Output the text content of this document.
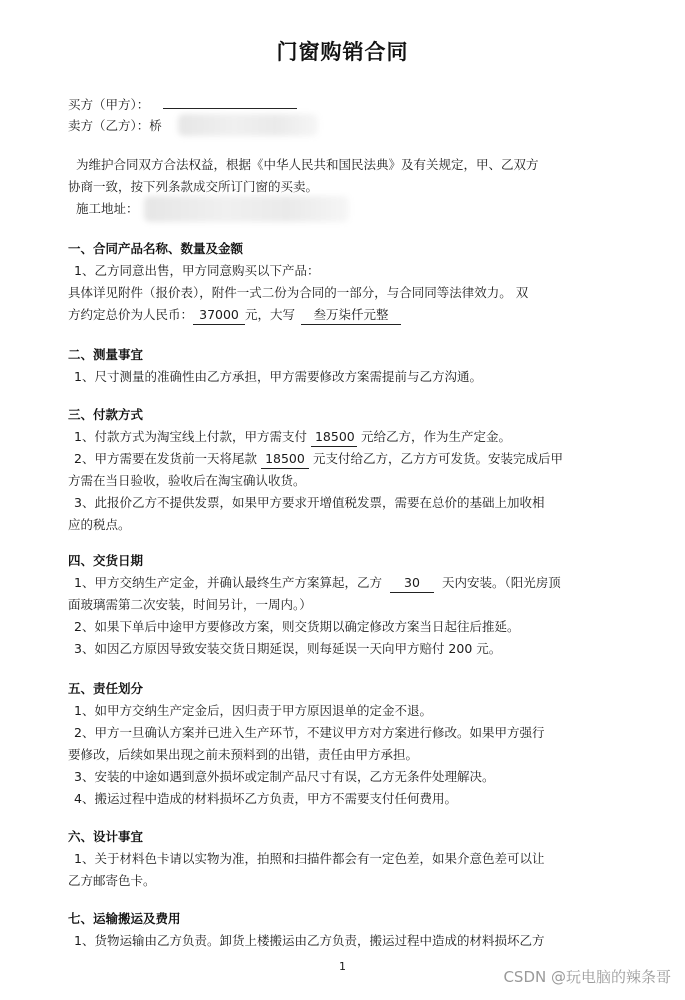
门窗购销合同
买方（甲方）：
卖方（乙方）：桥
为维护合同双方合法权益，根据《中华人民共和国民法典》及有关规定，甲、乙双方
协商一致，按下列条款成交所订门窗的买卖。
施工地址：
一、合同产品名称、数量及金额
1、乙方同意出售，甲方同意购买以下产品：
具体详见附件（报价表），附件一式二份为合同的一部分，与合同同等法律效力。 双
方约定总价为人民币： 37000 元，大写 叁万柒仟元整
二、测量事宜
1、尺寸测量的准确性由乙方承担，甲方需要修改方案需提前与乙方沟通。
三、付款方式
1、付款方式为淘宝线上付款，甲方需支付 18500 元给乙方，作为生产定金。
2、甲方需要在发货前一天将尾款 18500 元支付给乙方，乙方方可发货。安装完成后甲
方需在当日验收，验收后在淘宝确认收货。
3、此报价乙方不提供发票，如果甲方要求开增值税发票，需要在总价的基础上加收相
应的税点。
四、交货日期
1、甲方交纳生产定金，并确认最终生产方案算起，乙方 30 天内安装。（阳光房顶
面玻璃需第二次安装，时间另计，一周内。）
2、如果下单后中途甲方要修改方案，则交货期以确定修改方案当日起往后推延。
3、如因乙方原因导致安装交货日期延误，则每延误一天向甲方赔付 200 元。
五、责任划分
1、如甲方交纳生产定金后，因归责于甲方原因退单的定金不退。
2、甲方一旦确认方案并已进入生产环节，不建议甲方对方案进行修改。如果甲方强行
要修改，后续如果出现之前未预料到的出错，责任由甲方承担。
3、安装的中途如遇到意外损坏或定制产品尺寸有误，乙方无条件处理解决。
4、搬运过程中造成的材料损坏乙方负责，甲方不需要支付任何费用。
六、设计事宜
1、关于材料色卡请以实物为准，拍照和扫描件都会有一定色差，如果介意色差可以让
乙方邮寄色卡。
七、运输搬运及费用
1、货物运输由乙方负责。卸货上楼搬运由乙方负责，搬运过程中造成的材料损坏乙方
1
CSDN @玩电脑的辣条哥
